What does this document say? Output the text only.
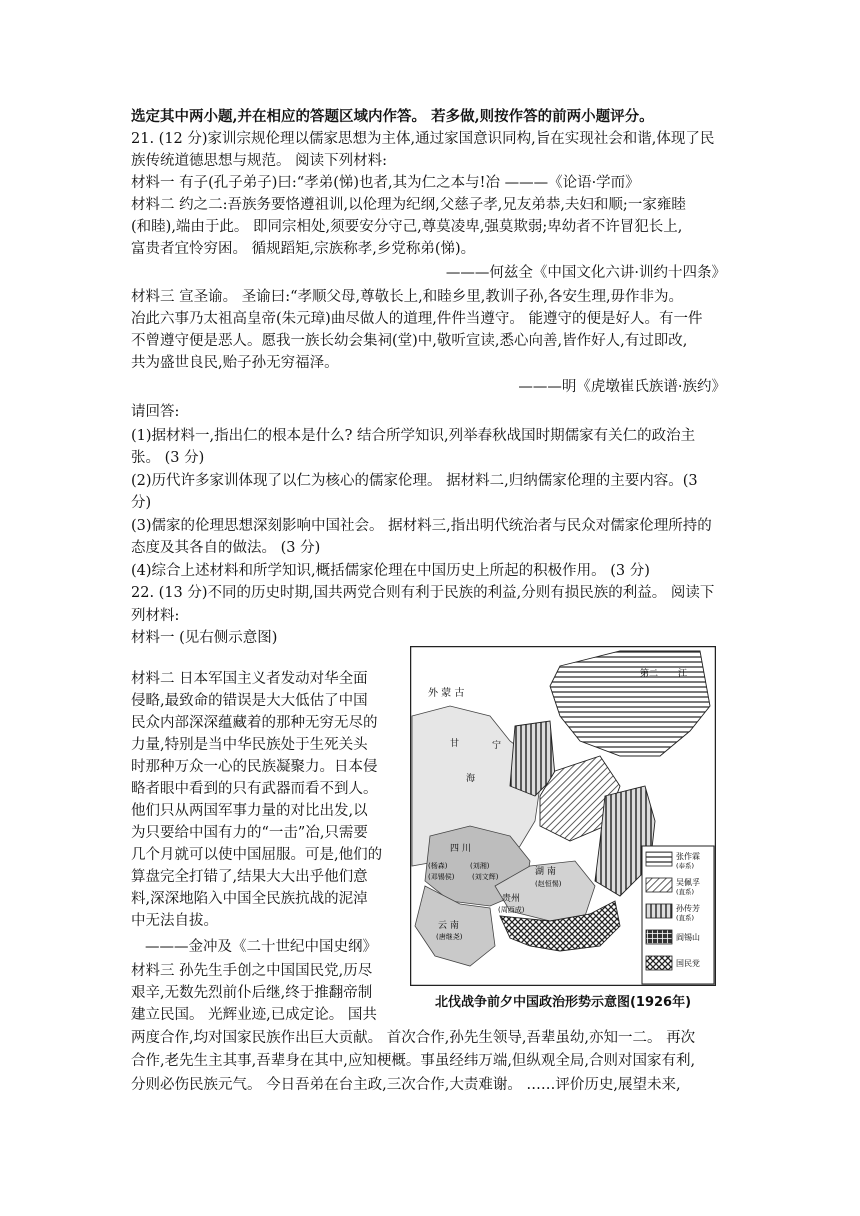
选定其中两小题,并在相应的答题区域内作答。 若多做,则按作答的前两小题评分。
21. (12 分)家训宗规伦理以儒家思想为主体,通过家国意识同构,旨在实现社会和谐,体现了民
族传统道德思想与规范。 阅读下列材料:
材料一 有子(孔子弟子)曰:“孝弟(悌)也者,其为仁之本与!冶 ———《论语·学而》
材料二 约之二:吾族务要恪遵祖训,以伦理为纪纲,父慈子孝,兄友弟恭,夫妇和顺;一家雍睦
(和睦),端由于此。 即同宗相处,须要安分守己,尊莫凌卑,强莫欺弱;卑幼者不许冒犯长上,
富贵者宜怜穷困。 循规蹈矩,宗族称孝,乡党称弟(悌)。
———何兹全《中国文化六讲·训约十四条》
材料三 宣圣谕。 圣谕曰:“孝顺父母,尊敬长上,和睦乡里,教训子孙,各安生理,毋作非为。
冶此六事乃太祖高皇帝(朱元璋)曲尽做人的道理,件件当遵守。 能遵守的便是好人。有一件
不曾遵守便是恶人。愿我一族长幼会集祠(堂)中,敬听宣读,悉心向善,皆作好人,有过即改,
共为盛世良民,贻子孙无穷福泽。
———明《虎墩崔氏族谱·族约》
请回答:
(1)据材料一,指出仁的根本是什么? 结合所学知识,列举春秋战国时期儒家有关仁的政治主
张。 (3 分)
(2)历代许多家训体现了以仁为核心的儒家伦理。 据材料二,归纳儒家伦理的主要内容。(3
分)
(3)儒家的伦理思想深刻影响中国社会。 据材料三,指出明代统治者与民众对儒家伦理所持的
态度及其各自的做法。 (3 分)
(4)综合上述材料和所学知识,概括儒家伦理在中国历史上所起的积极作用。 (3 分)
22. (13 分)不同的历史时期,国共两党合则有利于民族的利益,分则有损民族的利益。 阅读下
列材料:
材料一 (见右侧示意图)
材料二 日本军国主义者发动对华全面
侵略,最致命的错误是大大低估了中国
民众内部深深蕴藏着的那种无穷无尽的
力量,特别是当中华民族处于生死关头
时那种万众一心的民族凝聚力。日本侵
略者眼中看到的只有武器而看不到人。
他们只从两国军事力量的对比出发,以
为只要给中国有力的“一击”冶,只需要
几个月就可以使中国屈服。可是,他们的
算盘完全打错了,结果大大出乎他们意
料,深深地陷入中国全民族抗战的泥淖
中无法自拔。
———金冲及《二十世纪中国史纲》
材料三 孙先生手创之中国国民党,历尽
艰辛,无数先烈前仆后继,终于推翻帝制
建立民国。 光辉业迹,已成定论。 国共
两度合作,均对国家民族作出巨大贡献。 首次合作,孙先生领导,吾辈虽幼,亦知一二。 再次
合作,老先生主其事,吾辈身在其中,应知梗概。事虽经纬万端,但纵观全局,合则对国家有利,
分则必伤民族元气。 今日吾弟在台主政,三次合作,大责难谢。 ……评价历史,展望未来,
外 蒙 古
第二 江
甘	宁
海
四 川
(杨森)	(刘湘)
(邓锡侯)	(刘文辉)	湖 南
(赵恒惕)
贵州
(周西成)
云 南
(唐继尧)
张作霖
(奉系)
吴佩孚
(直系)
孙传芳
(直系)
阎锡山
国民党
北伐战争前夕中国政治形势示意图(1926年)
